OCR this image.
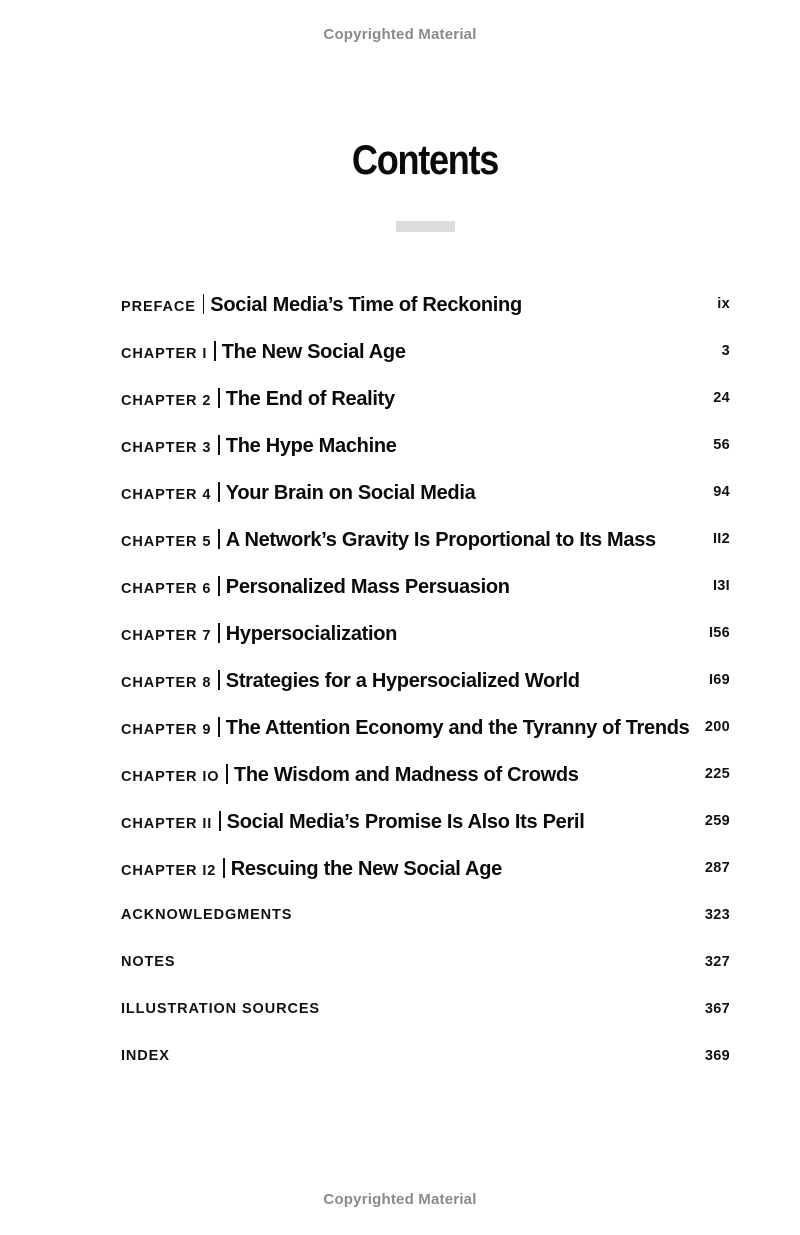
Copyrighted Material
Contents
PREFACE Social Media’s Time of Reckoning	ix
CHAPTER I The New Social Age	3
CHAPTER 2 The End of Reality	24
CHAPTER 3 The Hype Machine	56
CHAPTER 4 Your Brain on Social Media	94
CHAPTER 5 A Network’s Gravity Is Proportional to Its Mass	II2
CHAPTER 6 Personalized Mass Persuasion	I3I
CHAPTER 7 Hypersocialization	I56
CHAPTER 8 Strategies for a Hypersocialized World	I69
CHAPTER 9 The Attention Economy and the Tyranny of Trends 200
CHAPTER IO The Wisdom and Madness of Crowds	225
CHAPTER II Social Media’s Promise Is Also Its Peril	259
CHAPTER I2 Rescuing the New Social Age	287
ACKNOWLEDGMENTS	323
NOTES	327
ILLUSTRATION SOURCES	367
INDEX	369
Copyrighted Material
